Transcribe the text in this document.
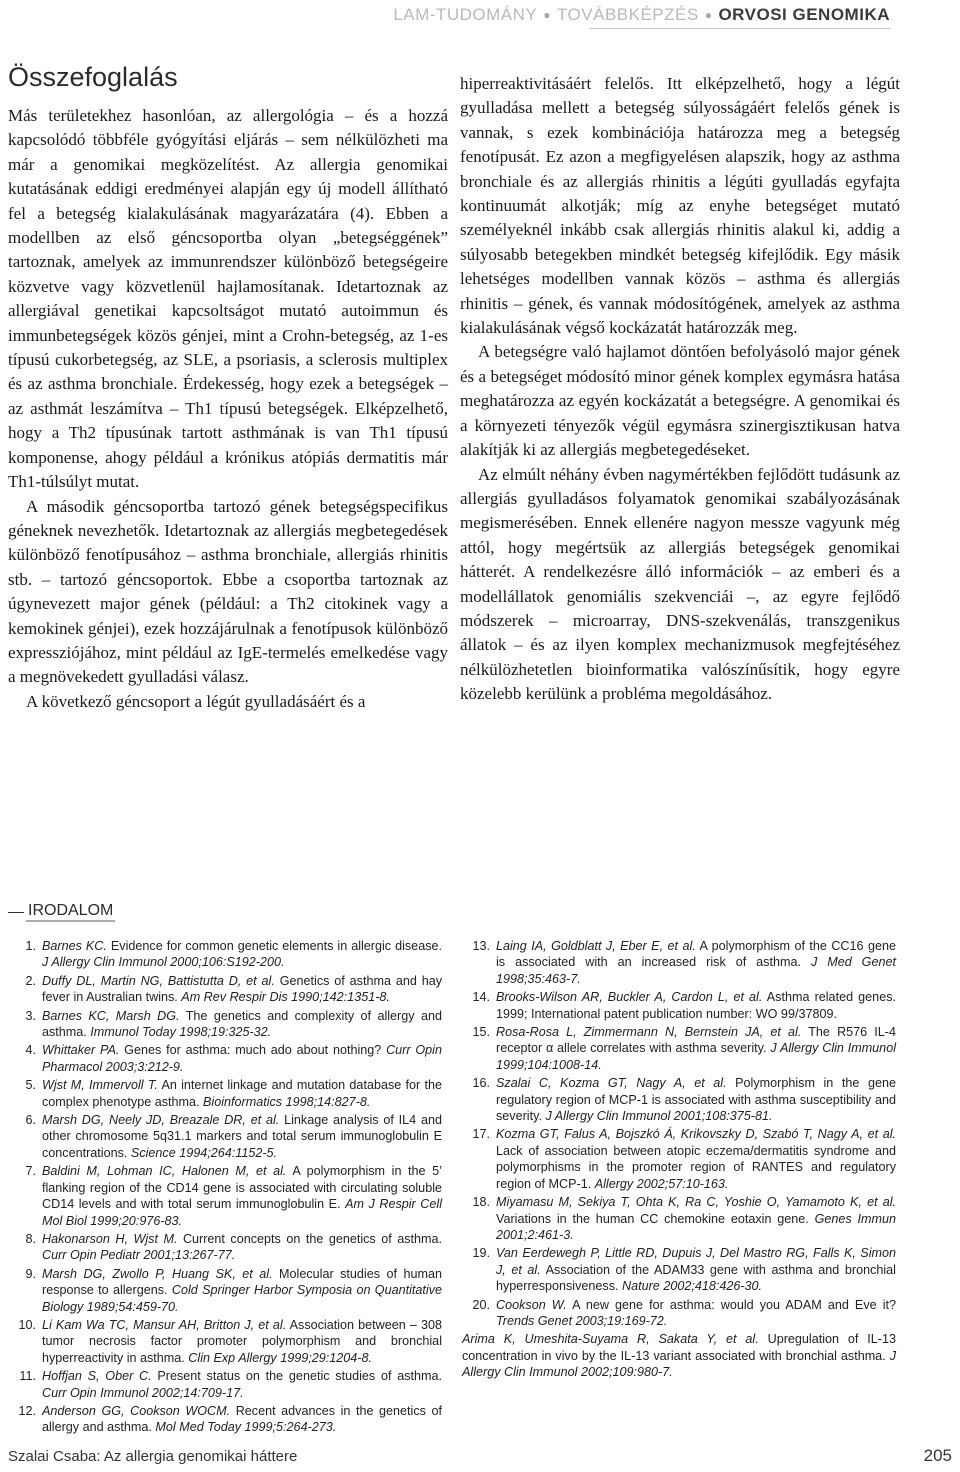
LAM-TUDOMÁNY ● TOVÁBBKÉPZÉS ● ORVOSI GENOMIKA
Összefoglalás

Más területekhez hasonlóan, az allergológia – és a hozzá kapcsolódó többféle gyógyítási eljárás – sem nélkülözheti ma már a genomikai megközelítést. Az allergia genomikai kutatásának eddigi eredményei alapján egy új modell állítható fel a betegség kialakulásának magyarázatára (4). Ebben a modellben az első géncsoportba olyan „betegséggének” tartoznak, amelyek az immunrendszer különböző betegségeire közvetve vagy közvetlenül hajlamosítanak. Idetartoznak az allergiával genetikai kapcsoltságot mutató autoimmun és immunbetegségek közös génjei, mint a Crohn-betegség, az 1-es típusú cukorbetegség, az SLE, a psoriasis, a sclerosis multiplex és az asthma bronchiale. Érdekesség, hogy ezek a betegségek – az asthmát leszámítva – Th1 típusú betegségek. Elképzelhető, hogy a Th2 típusúnak tartott asthmának is van Th1 típusú komponense, ahogy például a krónikus atópiás dermatitis már Th1-túlsúlyt mutat.

A második géncsoportba tartozó gének betegségspecifikus géneknek nevezhetők. Idetartoznak az allergiás megbetegedések különböző fenotípusához – asthma bronchiale, allergiás rhinitis stb. – tartozó géncsoportok. Ebbe a csoportba tartoznak az úgynevezett major gének (például: a Th2 citokinek vagy a kemokinek génjei), ezek hozzájárulnak a fenotípusok különböző expressziójához, mint például az IgE-termelés emelkedése vagy a megnövekedett gyulladási válasz.

A következő géncsoport a légút gyulladásáért és a

hiperreaktivitásáért felelős. Itt elképzelhető, hogy a légút gyulladása mellett a betegség súlyosságáért felelős gének is vannak, s ezek kombinációja határozza meg a betegség fenotípusát. Ez azon a megfigyelésen alapszik, hogy az asthma bronchiale és az allergiás rhinitis a légúti gyulladás egyfajta kontinuumát alkotják; míg az enyhe betegséget mutató személyeknél inkább csak allergiás rhinitis alakul ki, addig a súlyosabb betegekben mindkét betegség kifejlődik. Egy másik lehetséges modellben vannak közös – asthma és allergiás rhinitis – gének, és vannak módosítógének, amelyek az asthma kialakulásának végső kockázatát határozzák meg.

A betegségre való hajlamot döntően befolyásoló major gének és a betegséget módosító minor gének komplex egymásra hatása meghatározza az egyén kockázatát a betegségre. A genomikai és a környezeti tényezők végül egymásra szinergisztikusan hatva alakítják ki az allergiás megbetegedéseket.

Az elmúlt néhány évben nagymértékben fejlődött tudásunk az allergiás gyulladásos folyamatok genomikai szabályozásának megismerésében. Ennek ellenére nagyon messze vagyunk még attól, hogy megértsük az allergiás betegségek genomikai hátterét. A rendelkezésre álló információk – az emberi és a modellállatok genomiális szekvenciái –, az egyre fejlődő módszerek – microarray, DNS-szekvenálás, transzgenikus állatok – és az ilyen komplex mechanizmusok megfejtéséhez nélkülözhetetlen bioinformatika valószínűsítik, hogy egyre közelebb kerülünk a probléma megoldásához.

IRODALOM
1. Barnes KC. Evidence for common genetic elements in allergic disease. J Allergy Clin Immunol 2000;106:S192-200.
2. Duffy DL, Martin NG, Battistutta D, et al. Genetics of asthma and hay fever in Australian twins. Am Rev Respir Dis 1990;142:1351-8.
3. Barnes KC, Marsh DG. The genetics and complexity of allergy and asthma. Immunol Today 1998;19:325-32.
4. Whittaker PA. Genes for asthma: much ado about nothing? Curr Opin Pharmacol 2003;3:212-9.
5. Wjst M, Immervoll T. An internet linkage and mutation database for the complex phenotype asthma. Bioinformatics 1998;14:827-8.
6. Marsh DG, Neely JD, Breazale DR, et al. Linkage analysis of IL4 and other chromosome 5q31.1 markers and total serum immunoglobulin E concentrations. Science 1994;264:1152-5.
7. Baldini M, Lohman IC, Halonen M, et al. A polymorphism in the 5’ flanking region of the CD14 gene is associated with circulating soluble CD14 levels and with total serum immunoglobulin E. Am J Respir Cell Mol Biol 1999;20:976-83.
8. Hakonarson H, Wjst M. Current concepts on the genetics of asthma. Curr Opin Pediatr 2001;13:267-77.
9. Marsh DG, Zwollo P, Huang SK, et al. Molecular studies of human response to allergens. Cold Springer Harbor Symposia on Quantitative Biology 1989;54:459-70.
10. Li Kam Wa TC, Mansur AH, Britton J, et al. Association between – 308 tumor necrosis factor promoter polymorphism and bronchial hyperreactivity in asthma. Clin Exp Allergy 1999;29:1204-8.
11. Hoffjan S, Ober C. Present status on the genetic studies of asthma. Curr Opin Immunol 2002;14:709-17.
12. Anderson GG, Cookson WOCM. Recent advances in the genetics of allergy and asthma. Mol Med Today 1999;5:264-273.
13. Laing IA, Goldblatt J, Eber E, et al. A polymorphism of the CC16 gene is associated with an increased risk of asthma. J Med Genet 1998;35:463-7.
14. Brooks-Wilson AR, Buckler A, Cardon L, et al. Asthma related genes. 1999; International patent publication number: WO 99/37809.
15. Rosa-Rosa L, Zimmermann N, Bernstein JA, et al. The R576 IL-4 receptor α allele correlates with asthma severity. J Allergy Clin Immunol 1999;104:1008-14.
16. Szalai C, Kozma GT, Nagy A, et al. Polymorphism in the gene regulatory region of MCP-1 is associated with asthma susceptibility and severity. J Allergy Clin Immunol 2001;108:375-81.
17. Kozma GT, Falus A, Bojszkó Á, Krikovszky D, Szabó T, Nagy A, et al. Lack of association between atopic eczema/dermatitis syndrome and polymorphisms in the promoter region of RANTES and regulatory region of MCP-1. Allergy 2002;57:10-163.
18. Miyamasu M, Sekiya T, Ohta K, Ra C, Yoshie O, Yamamoto K, et al. Variations in the human CC chemokine eotaxin gene. Genes Immun 2001;2:461-3.
19. Van Eerdewegh P, Little RD, Dupuis J, Del Mastro RG, Falls K, Simon J, et al. Association of the ADAM33 gene with asthma and bronchial hyperresponsiveness. Nature 2002;418:426-30.
20. Cookson W. A new gene for asthma: would you ADAM and Eve it? Trends Genet 2003;19:169-72.
Arima K, Umeshita-Suyama R, Sakata Y, et al. Upregulation of IL-13 concentration in vivo by the IL-13 variant associated with bronchial asthma. J Allergy Clin Immunol 2002;109:980-7.
Szalai Csaba: Az allergia genomikai háttere	205
